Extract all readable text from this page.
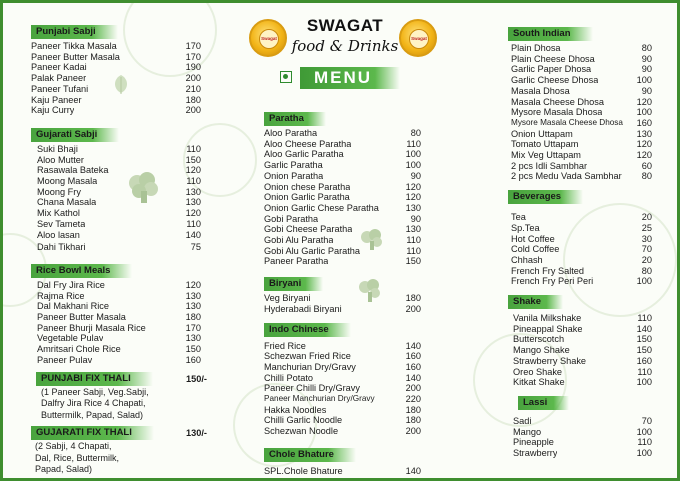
Swagat	Swagat
SWAGAT
food & Drinks
MENU
Punjabi Sabji
Paneer Tikka Masala	170
Paneer Butter Masala	170
Paneer Kadai	190
Palak Paneer	200
Paneer Tufani	210
Kaju Paneer	180
Kaju Curry	200
Gujarati Sabji
Suki Bhaji	110
Aloo Mutter	150
Rasawala Bateka	120
Moong Masala	110
Moong Fry	130
Chana Masala	130
Mix Kathol	120
Sev Tameta	110
Aloo lasan	140
Dahi Tikhari	75
Rice Bowl Meals
Dal Fry Jira Rice	120
Rajma Rice	130
Dal Makhani Rice	130
Paneer Butter Masala	180
Paneer Bhurji Masala Rice	170
Vegetable Pulav	130
Amritsari Chole Rice	150
Paneer Pulav	160
PUNJABI FIX THALI	150/-
(1 Paneer Sabji, Veg.Sabji,
Dalfry Jira Rice 4 Chapati,
Buttermilk, Papad, Salad)
GUJARATI FIX THALI	130/-
(2 Sabji, 4 Chapati,
Dal, Rice, Buttermilk,
Papad, Salad)
Paratha
Aloo Paratha	80
Aloo Cheese Paratha	110
Aloo Garlic Paratha	100
Garlic Paratha	100
Onion Paratha	90
Onion chese Paratha	120
Onion Garlic Paratha	120
Onion Garlic Chese Paratha	130
Gobi Paratha	90
Gobi Cheese Paratha	130
Gobi Alu Paratha	110
Gobi Alu Garlic Paratha	110
Paneer Paratha	150
Biryani
Veg Biryani	180
Hyderabadi Biryani	200
Indo Chinese
Fried Rice	140
Schezwan Fried Rice	160
Manchurian Dry/Gravy	160
Chilli Potato	140
Paneer Chilli Dry/Gravy	200
Paneer Manchurian Dry/Gravy	220
Hakka Noodles	180
Chilli Garlic Noodle	180
Schezwan Noodle	200
Chole Bhature
SPL.Chole Bhature	140
South Indian
Plain Dhosa	80
Plain Cheese Dhosa	90
Garlic Paper Dhosa	90
Garlic Cheese Dhosa	100
Masala Dhosa	90
Masala Cheese Dhosa	120
Mysore Masala Dhosa	100
Mysore Masala Cheese Dhosa 160
Onion Uttapam	130
Tomato Uttapam	120
Mix Veg Uttapam	120
2 pcs Idli Sambhar	60
2 pcs Medu Vada Sambhar 80
Beverages
Tea	20
Sp.Tea	25
Hot Coffee	30
Cold Coffee	70
Chhash	20
French Fry Salted	80
French Fry Peri Peri	100
Shake
Vanila Milkshake	110
Pineappal Shake	140
Butterscotch	150
Mango Shake	150
Strawberry Shake	160
Oreo Shake	110
Kitkat Shake	100
Lassi
Sadi	70
Mango	100
Pineapple	110
Strawberry	100
